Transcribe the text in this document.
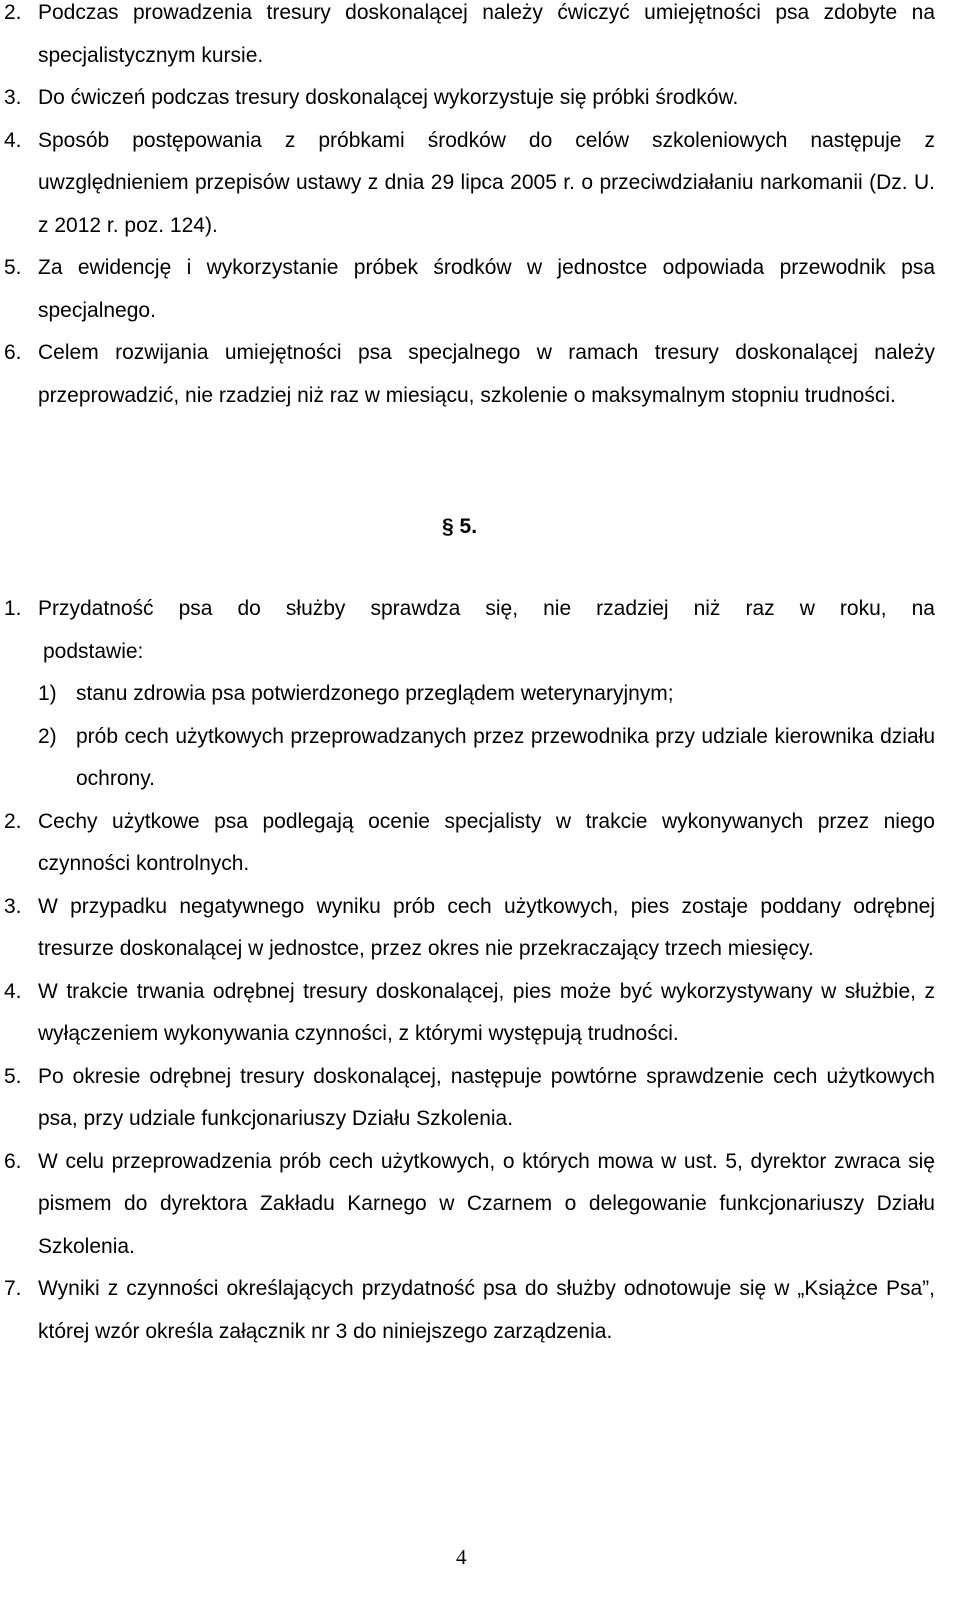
2. Podczas prowadzenia tresury doskonalącej należy ćwiczyć umiejętności psa zdobyte na specjalistycznym kursie.
3. Do ćwiczeń podczas tresury doskonalącej wykorzystuje się próbki środków.
4. Sposób postępowania z próbkami środków do celów szkoleniowych następuje z uwzględnieniem przepisów ustawy z dnia 29 lipca 2005 r. o przeciwdziałaniu narkomanii (Dz. U. z 2012 r. poz. 124).
5. Za ewidencję i wykorzystanie próbek środków w jednostce odpowiada przewodnik psa specjalnego.
6. Celem rozwijania umiejętności psa specjalnego w ramach tresury doskonalącej należy przeprowadzić, nie rzadziej niż raz w miesiącu, szkolenie o maksymalnym stopniu trudności.
§ 5.
1. Przydatność psa do służby sprawdza się, nie rzadziej niż raz w roku, na
podstawie:
1) stanu zdrowia psa potwierdzonego przeglądem weterynaryjnym;
2) prób cech użytkowych przeprowadzanych przez przewodnika przy udziale kierownika działu ochrony.
2. Cechy użytkowe psa podlegają ocenie specjalisty w trakcie wykonywanych przez niego czynności kontrolnych.
3. W przypadku negatywnego wyniku prób cech użytkowych, pies zostaje poddany odrębnej tresurze doskonalącej w jednostce, przez okres nie przekraczający trzech miesięcy.
4. W trakcie trwania odrębnej tresury doskonalącej, pies może być wykorzystywany w służbie, z wyłączeniem wykonywania czynności, z którymi występują trudności.
5. Po okresie odrębnej tresury doskonalącej, następuje powtórne sprawdzenie cech użytkowych psa, przy udziale funkcjonariuszy Działu Szkolenia.
6. W celu przeprowadzenia prób cech użytkowych, o których mowa w ust. 5, dyrektor zwraca się pismem do dyrektora Zakładu Karnego w Czarnem o delegowanie funkcjonariuszy Działu Szkolenia.
7. Wyniki z czynności określających przydatność psa do służby odnotowuje się w „Książce Psa”, której wzór określa załącznik nr 3 do niniejszego zarządzenia.
4
